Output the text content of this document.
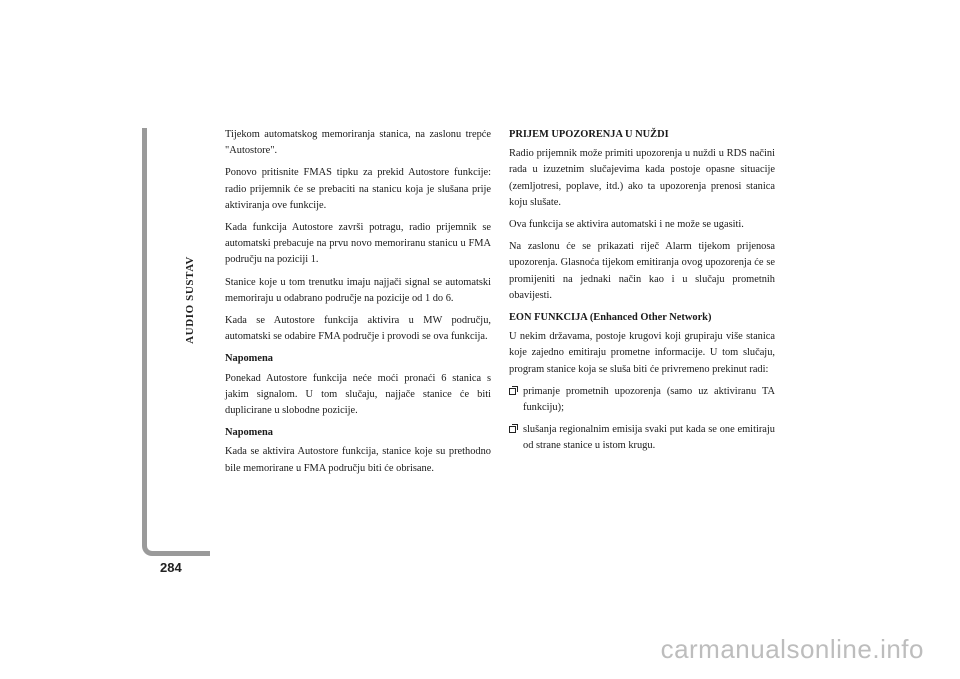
AUDIO SUSTAV
284

Tijekom automatskog memoriranja stanica, na zaslonu trepće "Autostore".

Ponovo pritisnite FMAS tipku za prekid Autostore funkcije: radio prijemnik će se prebaciti na stanicu koja je slušana prije aktiviranja ove funkcije.

Kada funkcija Autostore završi potragu, radio prijemnik se automatski prebacuje na prvu novo memoriranu stanicu u FMA području na poziciji 1.

Stanice koje u tom trenutku imaju najjači signal se automatski memoriraju u odabrano područje na pozicije od 1 do 6.

Kada se Autostore funkcija aktivira u MW području, automatski se odabire FMA područje i provodi se ova funkcija.

Napomena

Ponekad Autostore funkcija neće moći pronaći 6 stanica s jakim signalom. U tom slučaju, najjače stanice će biti duplicirane u slobodne pozicije.

Napomena

Kada se aktivira Autostore funkcija, stanice koje su prethodno bile memorirane u FMA području biti će obrisane.

PRIJEM UPOZORENJA U NUŽDI

Radio prijemnik može primiti upozorenja u nuždi u RDS načini rada u izuzetnim slučajevima kada postoje opasne situacije (zemljotresi, poplave, itd.) ako ta upozorenja prenosi stanica koju slušate.

Ova funkcija se aktivira automatski i ne može se ugasiti.

Na zaslonu će se prikazati riječ Alarm tijekom prijenosa upozorenja. Glasnoća tijekom emitiranja ovog upozorenja će se promijeniti na jednaki način kao i u slučaju prometnih obavijesti.

EON FUNKCIJA (Enhanced Other Network)

U nekim državama, postoje krugovi koji grupiraju više stanica koje zajedno emitiraju prometne informacije. U tom slučaju, program stanice koja se sluša biti će privremeno prekinut radi:

primanje prometnih upozorenja (samo uz aktiviranu TA funkciju);
slušanja regionalnim emisija svaki put kada se one emitiraju od strane stanice u istom krugu.
carmanualsonline.info
